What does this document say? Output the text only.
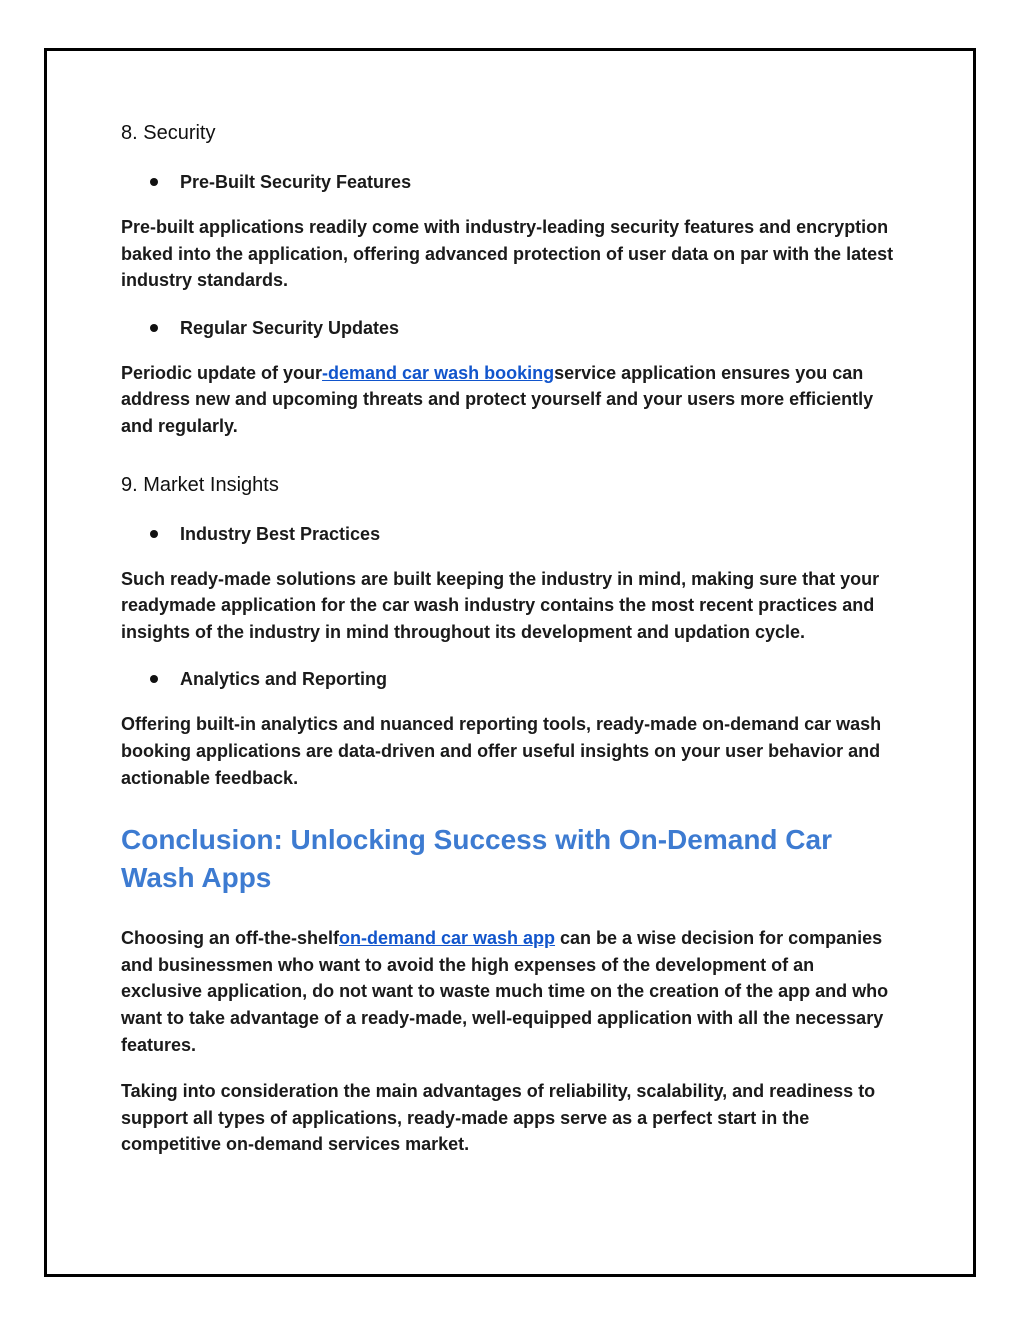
8. Security
Pre-Built Security Features

Pre-built applications readily come with industry-leading security features and encryption baked into the application, offering advanced protection of user data on par with the latest industry standards.

Regular Security Updates

Periodic update of your-demand car wash bookingservice application ensures you can address new and upcoming threats and protect yourself and your users more efficiently and regularly.

9. Market Insights
Industry Best Practices

Such ready-made solutions are built keeping the industry in mind, making sure that your readymade application for the car wash industry contains the most recent practices and insights of the industry in mind throughout its development and updation cycle.

Analytics and Reporting

Offering built-in analytics and nuanced reporting tools, ready-made on-demand car wash booking applications are data-driven and offer useful insights on your user behavior and actionable feedback.

Conclusion: Unlocking Success with On-Demand Car Wash Apps

Choosing an off-the-shelfon-demand car wash app can be a wise decision for companies and businessmen who want to avoid the high expenses of the development of an exclusive application, do not want to waste much time on the creation of the app and who want to take advantage of a ready-made, well-equipped application with all the necessary features.

Taking into consideration the main advantages of reliability, scalability, and readiness to support all types of applications, ready-made apps serve as a perfect start in the competitive on-demand services market.
